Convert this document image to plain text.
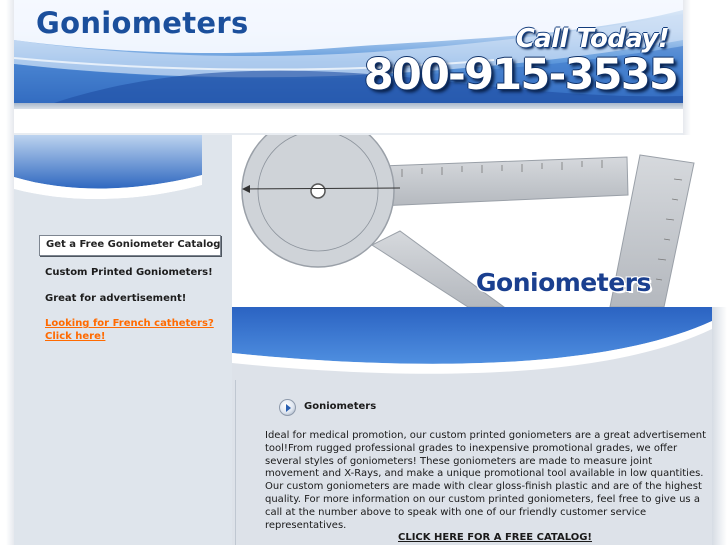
Goniometers	Call Today!
800-915-3535
Get a Free Goniometer Catalog
Custom Printed Goniometers!
Great for advertisement!
Looking for French catheters?
Click here!
Goniometers
Goniometers

Ideal for medical promotion, our custom printed goniometers are a great advertisement tool!From rugged professional grades to inexpensive promotional grades, we offer several styles of goniometers! These goniometers are made to measure joint movement and X-Rays, and make a unique promotional tool available in low quantities. Our custom goniometers are made with clear gloss-finish plastic and are of the highest quality. For more information on our custom printed goniometers, feel free to give us a call at the number above to speak with one of our friendly customer service representatives.

CLICK HERE FOR A FREE CATALOG!
